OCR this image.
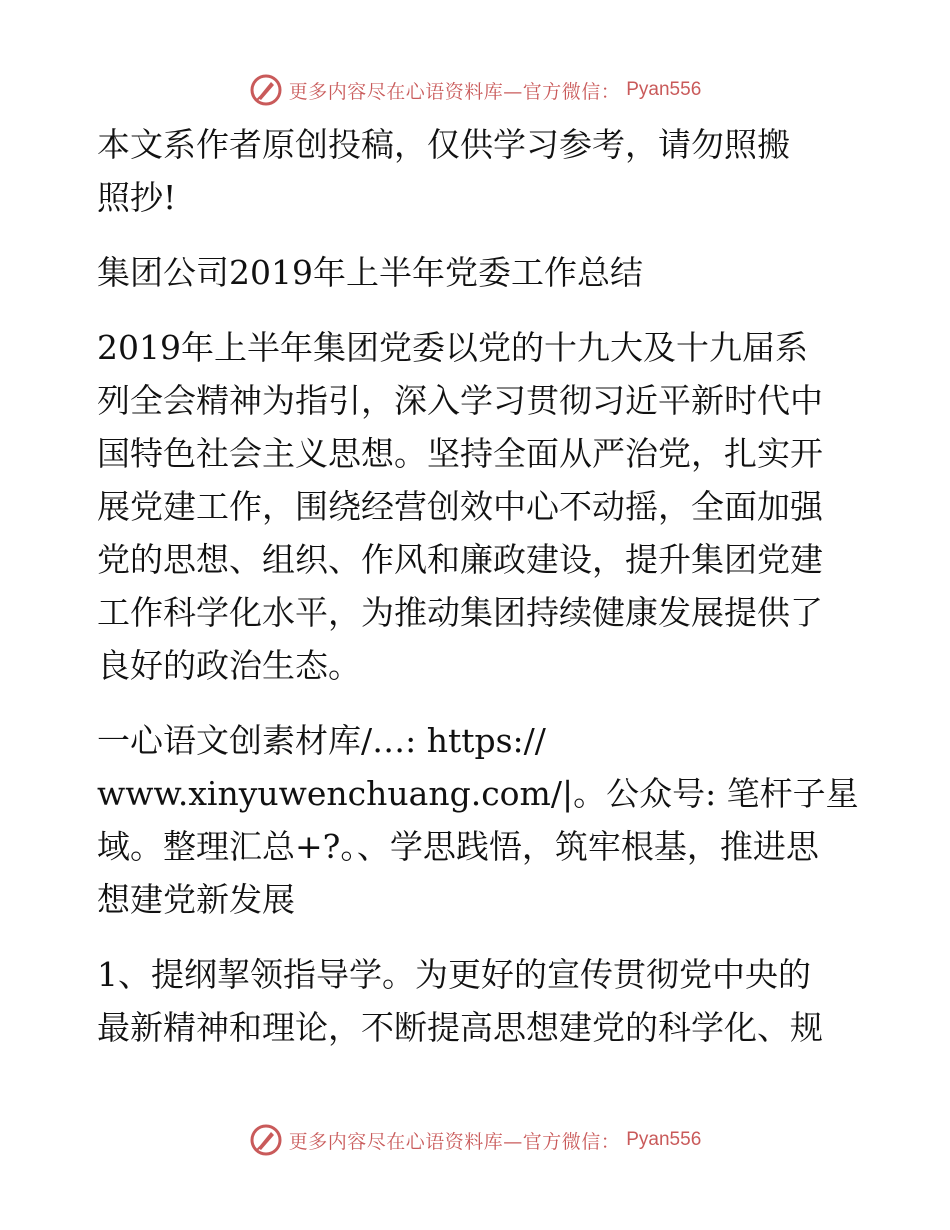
更多内容尽在心语资料库—官方微信： Pyan556

本文系作者原创投稿，仅供学习参考，请勿照搬
照抄!

集团公司2019年上半年党委工作总结

2019年上半年集团党委以党的十九大及十九届系
列全会精神为指引，深入学习贯彻习近平新时代中
国特色社会主义思想。坚持全面从严治党，扎实开
展党建工作，围绕经营创效中心不动摇，全面加强
党的思想、组织、作风和廉政建设，提升集团党建
工作科学化水平，为推动集团持续健康发展提供了
良好的政治生态。

一心语文创素材库/…: https://
www.xinyuwenchuang.com/|。公众号: 笔杆子星
域。整理汇总+?。、学思践悟，筑牢根基，推进思
想建党新发展

1、提纲挈领指导学。为更好的宣传贯彻党中央的
最新精神和理论，不断提高思想建党的科学化、规

更多内容尽在心语资料库—官方微信： Pyan556
